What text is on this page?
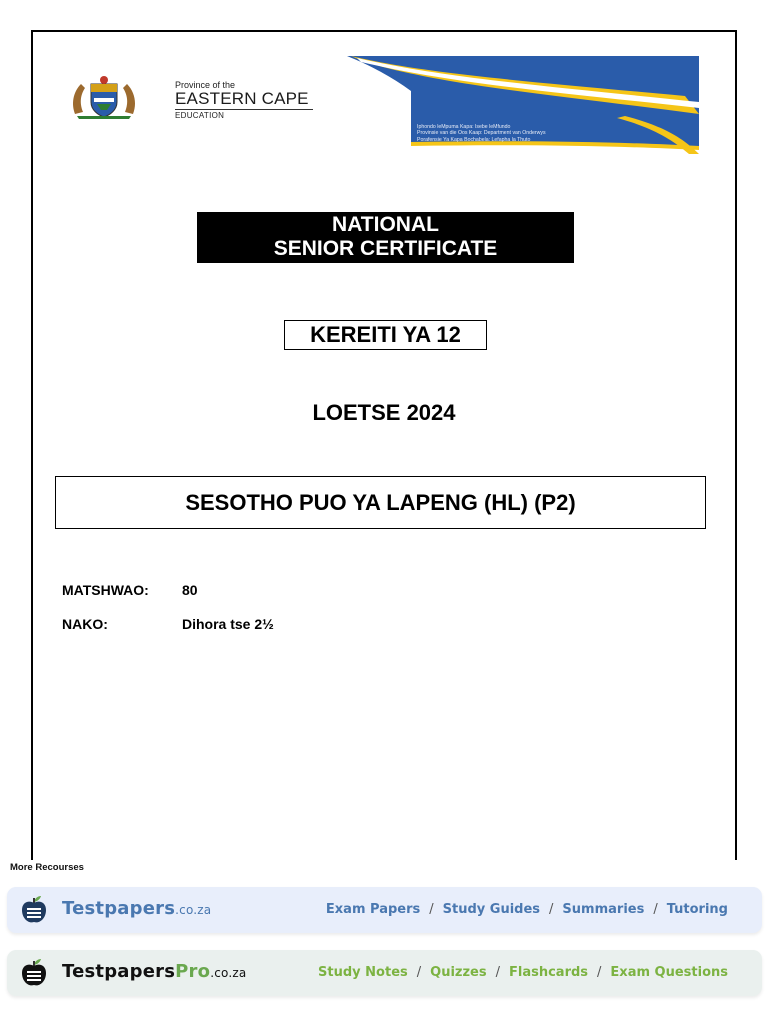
Province of the
EASTERN CAPE
EDUCATION
Iphondo leMpuma Kapa: Isebe leMfundo
Provinsie van die Oos Kaap: Department van Onderwys
Porafensie Ya Kapa Bochabela: Lefapha la Thuto
NATIONAL
SENIOR CERTIFICATE
KEREITI YA 12
LOETSE 2024
SESOTHO PUO YA LAPENG (HL) (P2)
MATSHWAO: 80
NAKO:	Dihora tse 2½
More Recourses
Testpapers.co.za	Exam Papers / Study Guides / Summaries / Tutoring
TestpapersPro.co.za	Study Notes / Quizzes / Flashcards / Exam Questions
